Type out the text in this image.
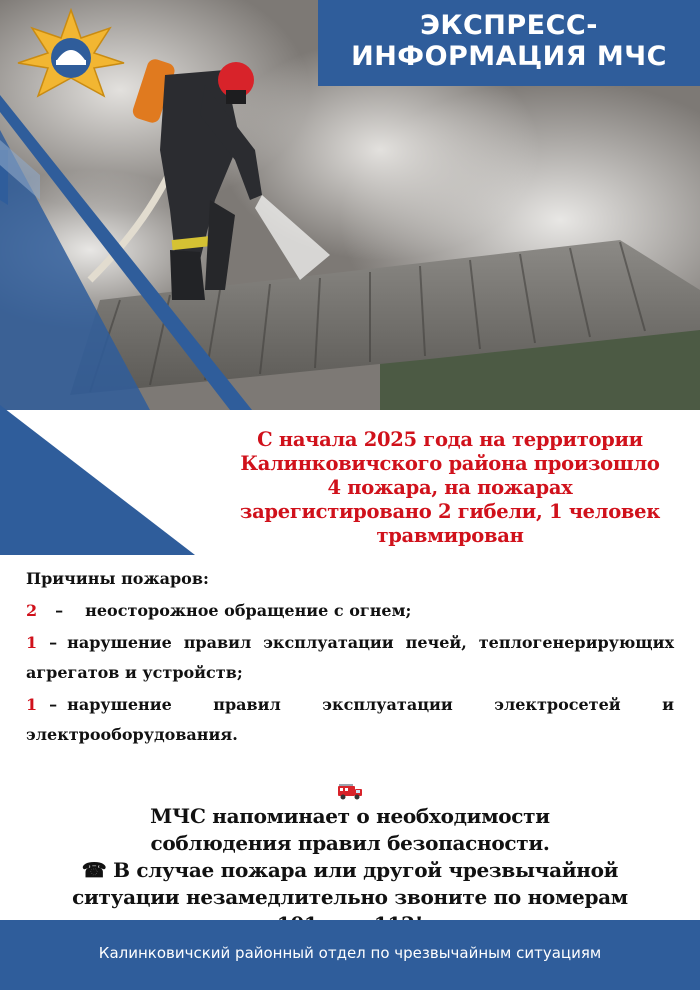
ЭКСПРЕСС-
ИНФОРМАЦИЯ МЧС
С начала 2025 года на территории
Калинковичского района произошло
4 пожара, на пожарах
зарегистировано 2 гибели, 1 человек
травмирован
Причины пожаров:
2 – неосторожное обращение с огнем;
1 – нарушение правил эксплуатации печей, теплогенерирующих агрегатов и устройств;
1 – нарушение правил эксплуатации электросетей и электрооборудования.
МЧС напоминает о необходимости
соблюдения правил безопасности.
☎ В случае пожара или другой чрезвычайной
ситуации незамедлительно звоните по номерам
Калинковичский районный отдел по чрезвычайным ситуациям
